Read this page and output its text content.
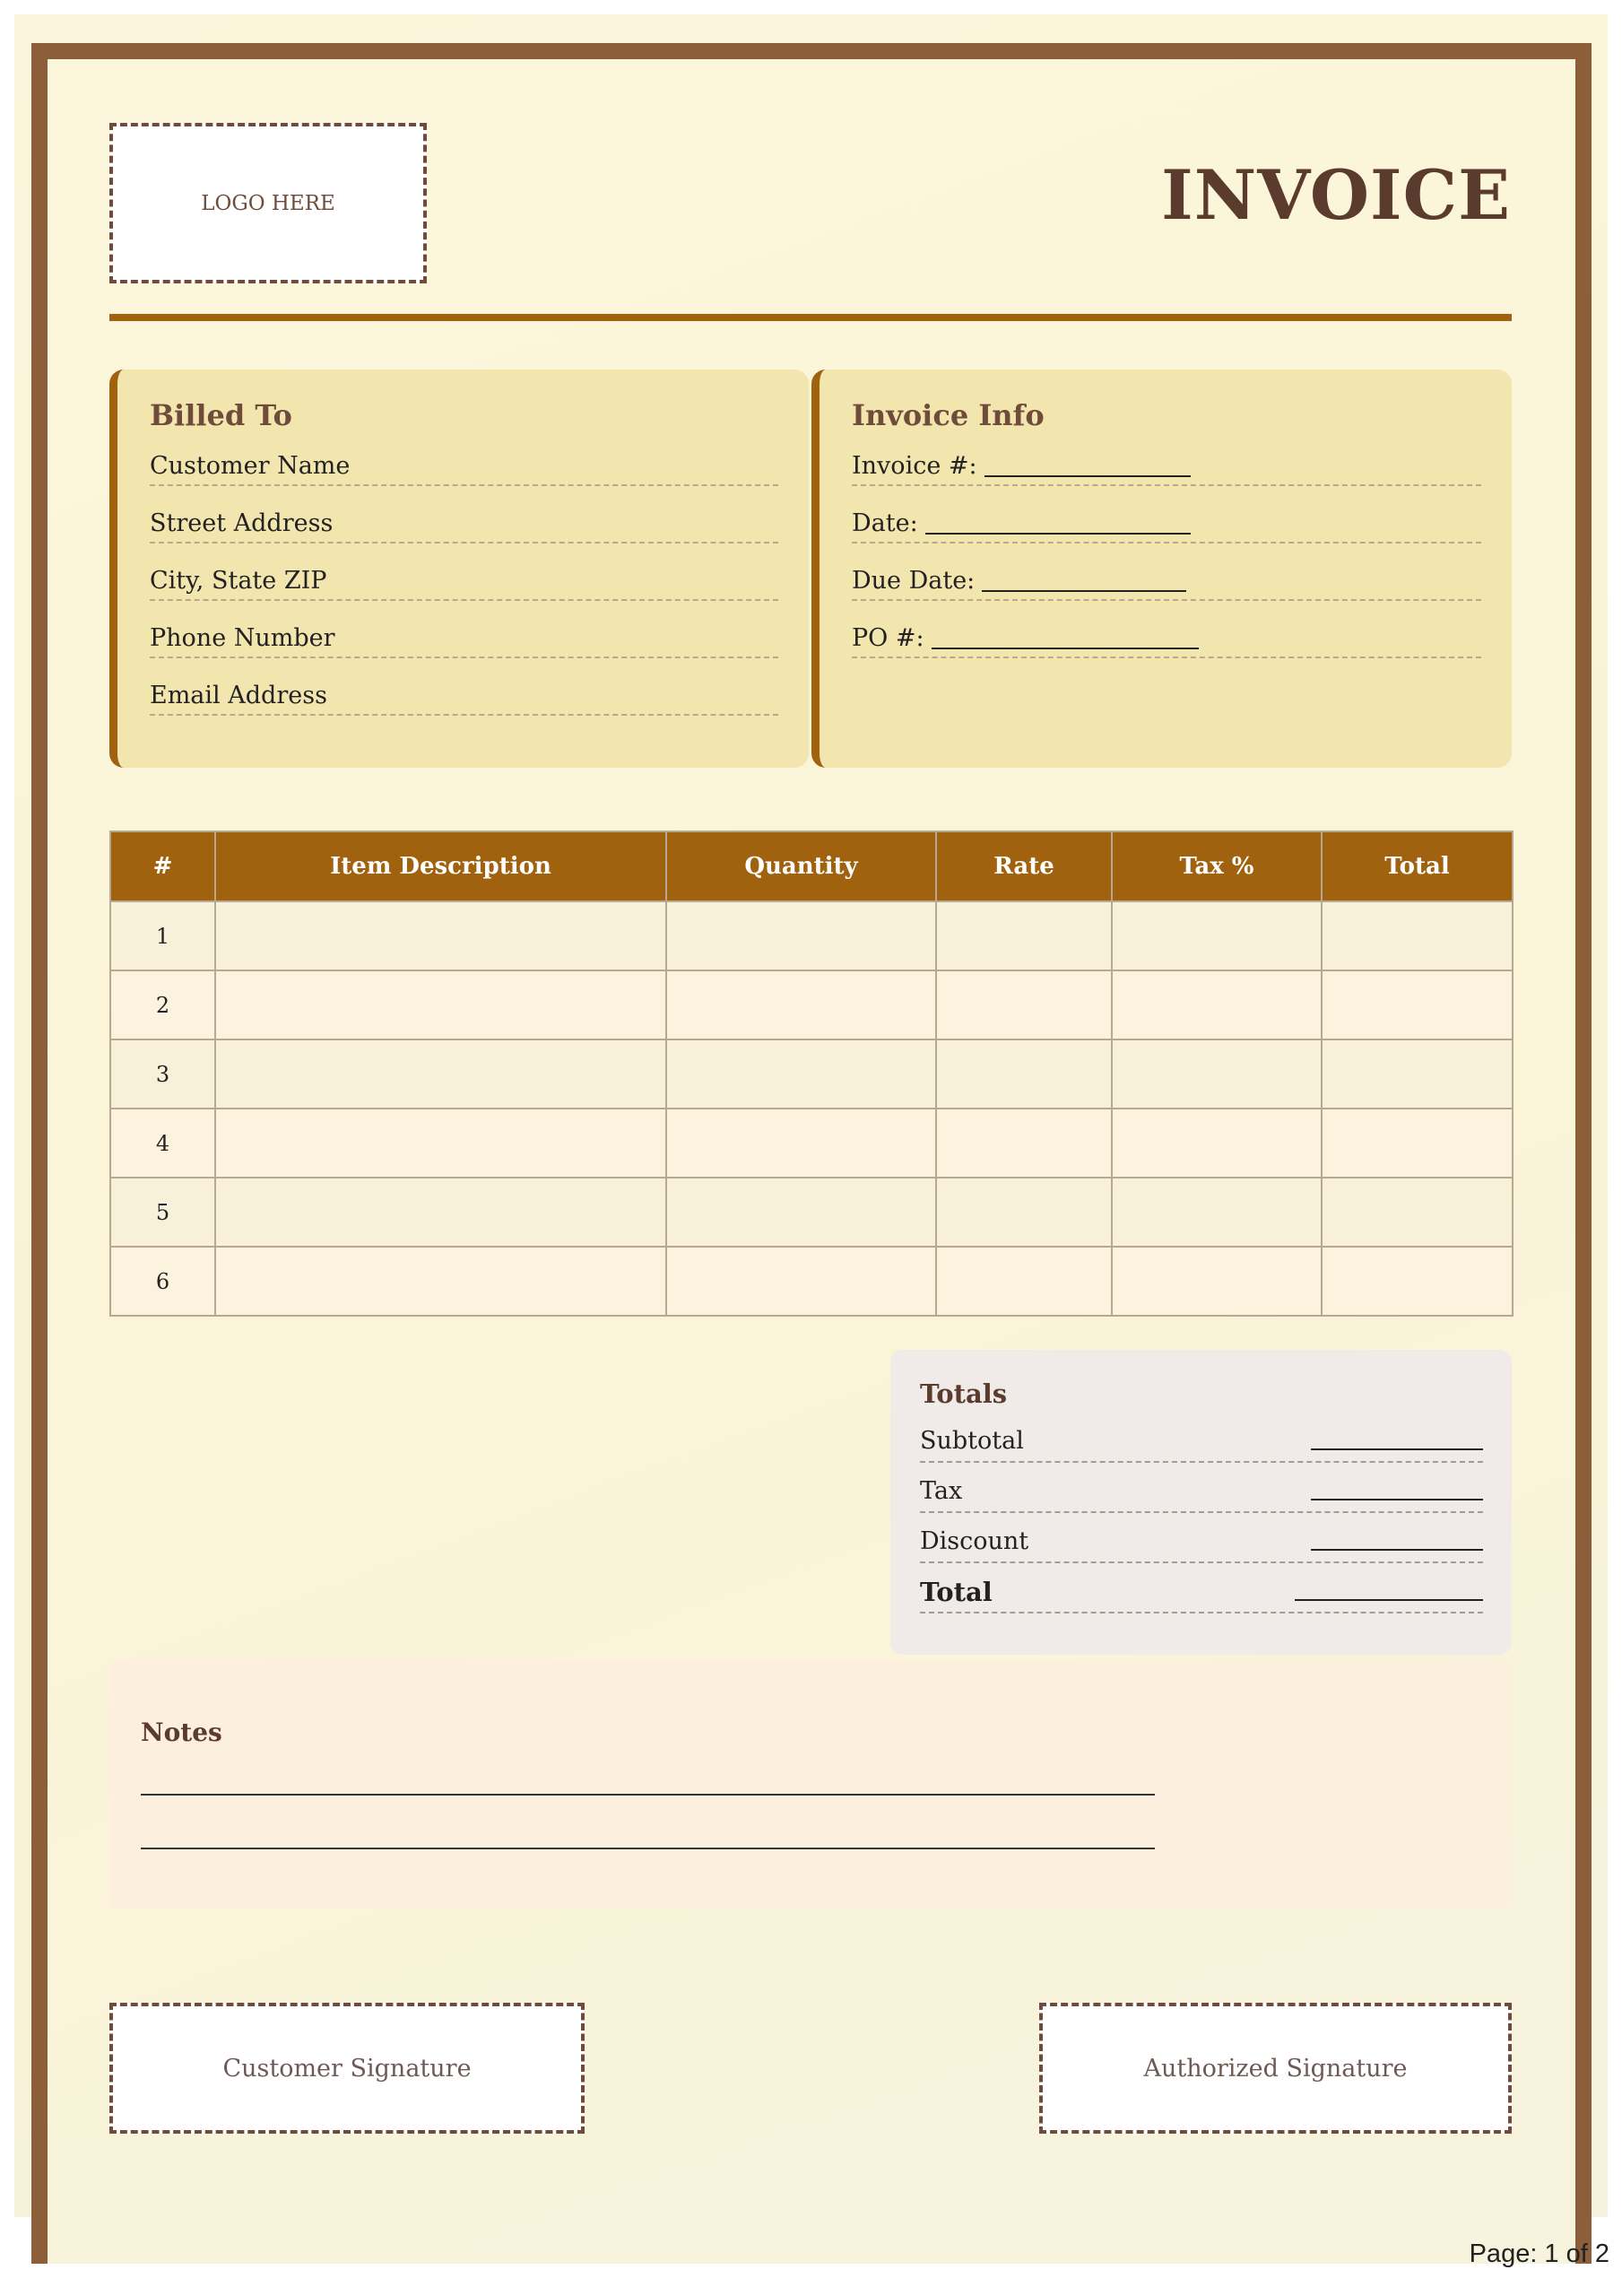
LOGO HERE	INVOICE
Billed To
Customer Name
Street Address
City, State ZIP
Phone Number
Email Address
Invoice Info
Invoice #:
Date:
Due Date:
PO #:
#	Item Description	Quantity	Rate	Tax %	Total
1					
2					
3					
4					
5					
6					
Totals
Subtotal
Tax
Discount
Total
Notes
Customer Signature	Authorized Signature
Page: 1 of 2
